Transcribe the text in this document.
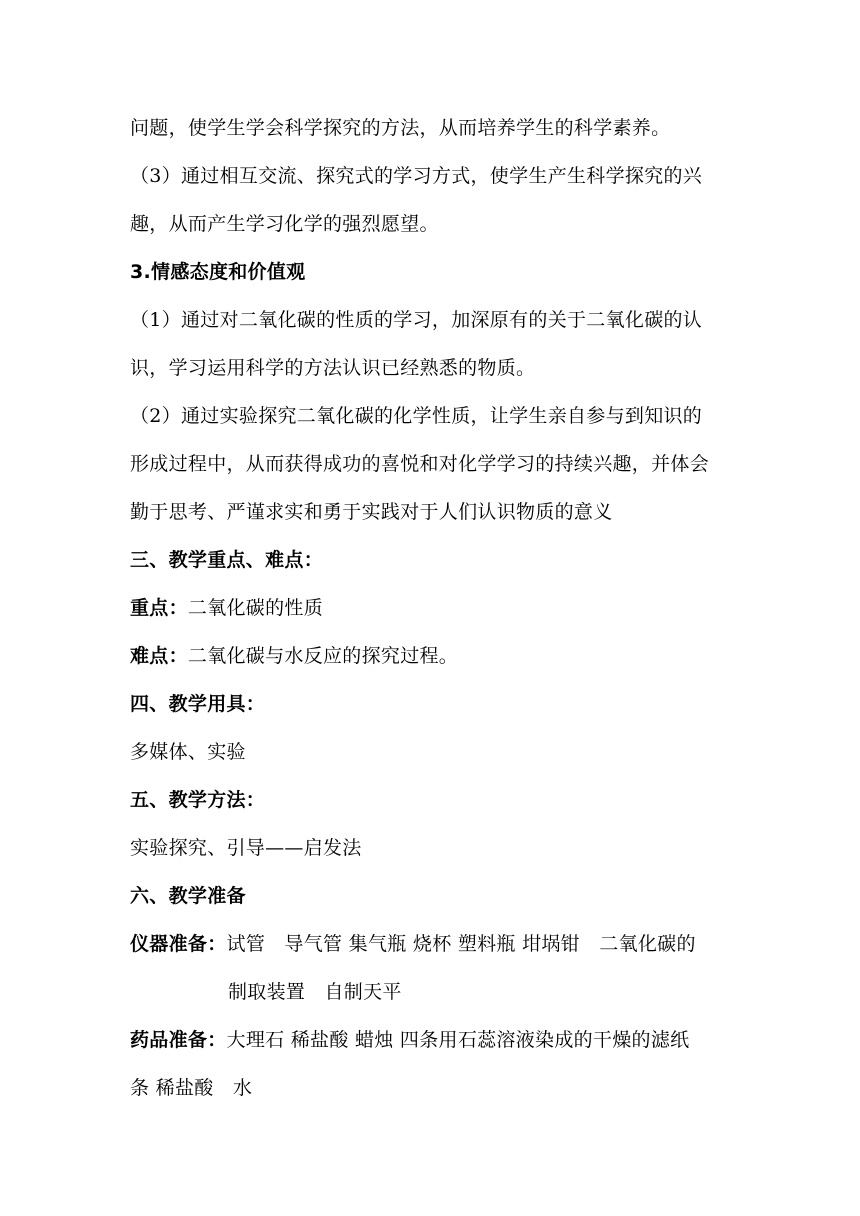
问题，使学生学会科学探究的方法，从而培养学生的科学素养。
（3）通过相互交流、探究式的学习方式，使学生产生科学探究的兴
趣，从而产生学习化学的强烈愿望。
3.情感态度和价值观
（1）通过对二氧化碳的性质的学习，加深原有的关于二氧化碳的认
识，学习运用科学的方法认识已经熟悉的物质。
（2）通过实验探究二氧化碳的化学性质，让学生亲自参与到知识的
形成过程中，从而获得成功的喜悦和对化学学习的持续兴趣，并体会
勤于思考、严谨求实和勇于实践对于人们认识物质的意义
三、教学重点、难点：
重点：二氧化碳的性质
难点：二氧化碳与水反应的探究过程。
四、教学用具：
多媒体、实验
五、教学方法：
实验探究、引导——启发法
六、教学准备
仪器准备：试管　导气管 集气瓶 烧杯 塑料瓶 坩埚钳　二氧化碳的
制取装置　自制天平
药品准备：大理石 稀盐酸 蜡烛 四条用石蕊溶液染成的干燥的滤纸
条 稀盐酸　水
